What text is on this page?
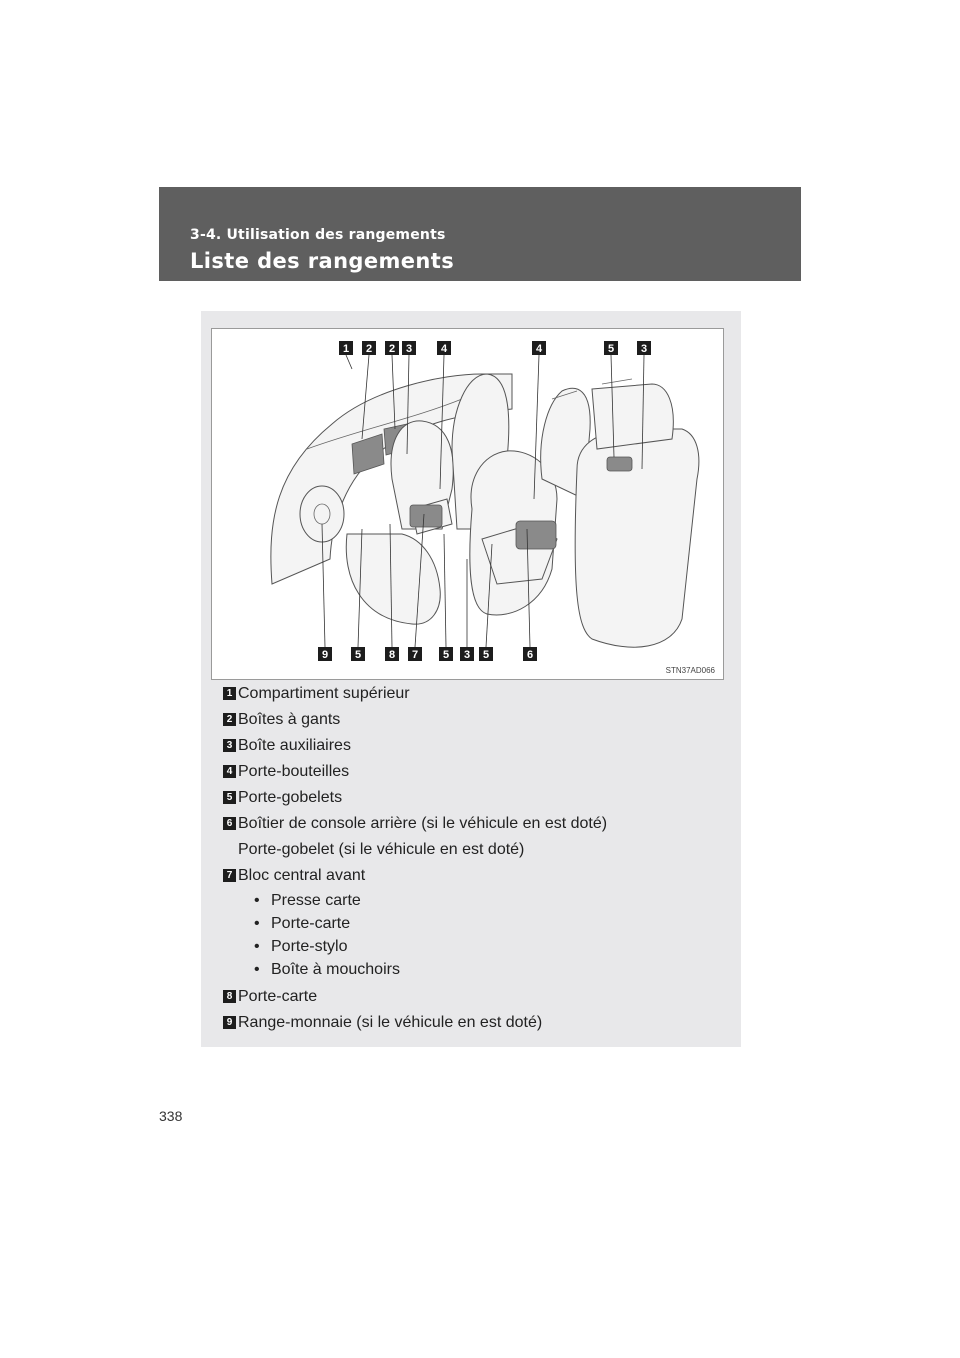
3-4. Utilisation des rangements
Liste des rangements
1 2 2 3	4	4	5 3
9 5	8 7 5 3 5	6
STN37AD066
1 Compartiment supérieur
2 Boîtes à gants
3 Boîte auxiliaires
4 Porte-bouteilles
5 Porte-gobelets
6 Boîtier de console arrière (si le véhicule en est doté)
Porte-gobelet (si le véhicule en est doté)
7 Bloc central avant
• Presse carte
• Porte-carte
• Porte-stylo
• Boîte à mouchoirs
8 Porte-carte
9 Range-monnaie (si le véhicule en est doté)
338
